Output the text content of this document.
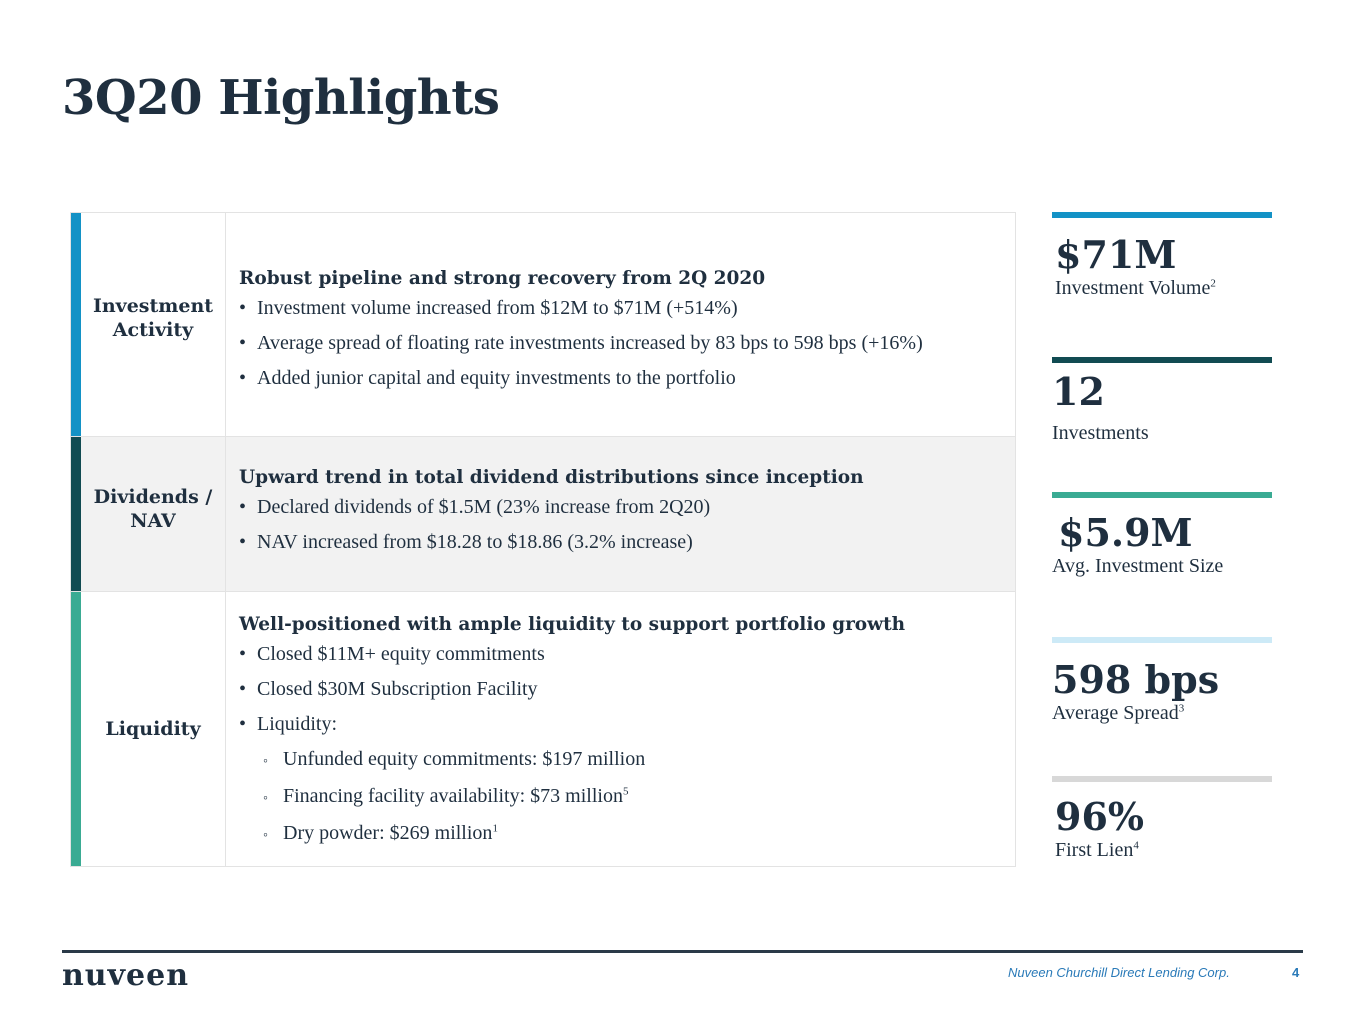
3Q20 Highlights
Investment Activity
Robust pipeline and strong recovery from 2Q 2020
• Investment volume increased from $12M to $71M (+514%)
• Average spread of floating rate investments increased by 83 bps to 598 bps (+16%)
• Added junior capital and equity investments to the portfolio
Dividends / NAV
Upward trend in total dividend distributions since inception
• Declared dividends of $1.5M (23% increase from 2Q20)
• NAV increased from $18.28 to $18.86 (3.2% increase)
Liquidity
Well-positioned with ample liquidity to support portfolio growth
• Closed $11M+ equity commitments
• Closed $30M Subscription Facility
• Liquidity:
◦ Unfunded equity commitments: $197 million
◦ Financing facility availability: $73 million$^5$
◦ Dry powder: $269 million$^1$
$71M
Investment Volume$^2$
12
Investments
$5.9M
Avg. Investment Size
598 bps
Average Spread$^3$
96%
First Lien$^4$
nuveen	Nuveen Churchill Direct Lending Corp.	4
